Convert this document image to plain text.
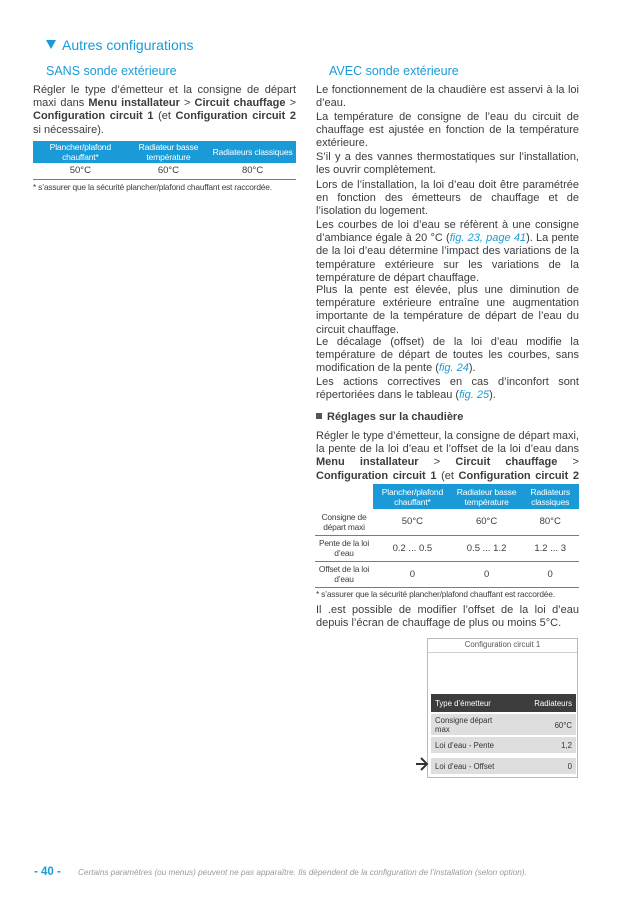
Autres configurations
SANS sonde extérieure
Régler le type d’émetteur et la consigne de départ maxi dans Menu installateur > Circuit chauffage > Configuration circuit 1 (et Configuration circuit 2 si nécessaire).
Plancher/plafond chauffant*	Radiateur basse température	Radiateurs classiques
50°C	60°C	80°C
* s’assurer que la sécurité plancher/plafond chauffant est raccordée.
AVEC sonde extérieure
Le fonctionnement de la chaudière est asservi à la loi d’eau.
La température de consigne de l’eau du circuit de chauffage est ajustée en fonction de la température extérieure.
S’il y a des vannes thermostatiques sur l’installation, les ouvrir complètement.
Lors de l’installation, la loi d’eau doit être paramétrée en fonction des émetteurs de chauffage et de l’isolation du logement.
Les courbes de loi d’eau se réfèrent à une consigne d’ambiance égale à 20 °C (fig. 23, page 41). La pente de la loi d’eau détermine l’impact des variations de la température extérieure sur les variations de la température de départ chauffage.
Plus la pente est élevée, plus une diminution de température extérieure entraîne une augmentation importante de la température de départ de l’eau du circuit chauffage.
Le décalage (offset) de la loi d’eau modifie la température de départ de toutes les courbes, sans modification de la pente (fig. 24).
Les actions correctives en cas d’inconfort sont répertoriées dans le tableau (fig. 25).
Réglages sur la chaudière
Régler le type d’émetteur, la consigne de départ maxi, la pente de la loi d’eau et l’offset de la loi d’eau dans Menu installateur > Circuit chauffage > Configuration circuit 1 (et Configuration circuit 2
	Plancher/plafond chauffant*	Radiateur basse température	Radiateurs classiques
Consigne de départ maxi	50°C	60°C	80°C
Pente de la loi d’eau	0.2 ... 0.5	0.5 ... 1.2	1.2 ... 3
Offset de la loi d’eau	0	0	0
* s’assurer que la sécurité plancher/plafond chauffant est raccordée.
Il .est possible de modifier l’offset de la loi d’eau depuis l’écran de chauffage de plus ou moins 5°C.
Configuration circuit 1
Type d’émetteur	Radiateurs
Consigne départ max	60°C
Loi d’eau - Pente	1,2
Loi d’eau - Offset	0
- 40 - Certains paramètres (ou menus) peuvent ne pas apparaître. Ils dépendent de la configuration de l’installation (selon option).
